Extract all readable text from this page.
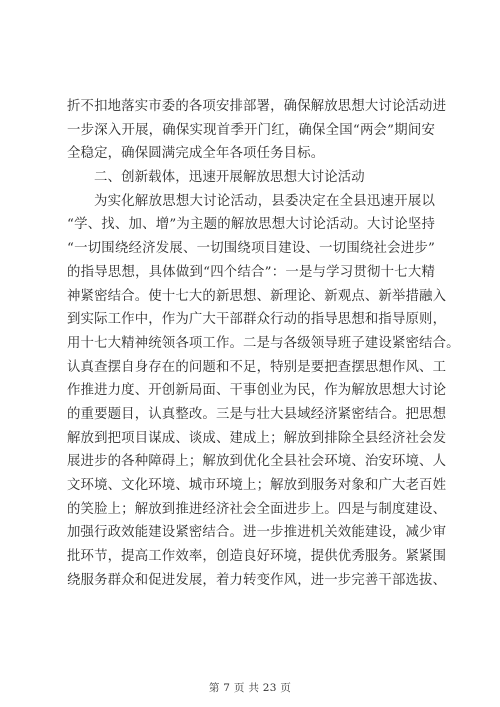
折不扣地落实市委的各项安排部署，确保解放思想大讨论活动进
一步深入开展，确保实现首季开门红，确保全国“两会”期间安
全稳定，确保圆满完成全年各项任务目标。
二、创新载体，迅速开展解放思想大讨论活动
为实化解放思想大讨论活动，县委决定在全县迅速开展以
“学、找、加、增”为主题的解放思想大讨论活动。大讨论坚持
“一切围绕经济发展、一切围绕项目建设、一切围绕社会进步”
的指导思想，具体做到“四个结合”：一是与学习贯彻十七大精
神紧密结合。使十七大的新思想、新理论、新观点、新举措融入
到实际工作中，作为广大干部群众行动的指导思想和指导原则，
用十七大精神统领各项工作。二是与各级领导班子建设紧密结合。
认真查摆自身存在的问题和不足，特别是要把查摆思想作风、工
作推进力度、开创新局面、干事创业为民，作为解放思想大讨论
的重要题目，认真整改。三是与壮大县域经济紧密结合。把思想
解放到把项目谋成、谈成、建成上；解放到排除全县经济社会发
展进步的各种障碍上；解放到优化全县社会环境、治安环境、人
文环境、文化环境、城市环境上；解放到服务对象和广大老百姓
的笑脸上；解放到推进经济社会全面进步上。四是与制度建设、
加强行政效能建设紧密结合。进一步推进机关效能建设，减少审
批环节，提高工作效率，创造良好环境，提供优秀服务。紧紧围
绕服务群众和促进发展，着力转变作风，进一步完善干部选拔、
第 7 页 共 23 页
